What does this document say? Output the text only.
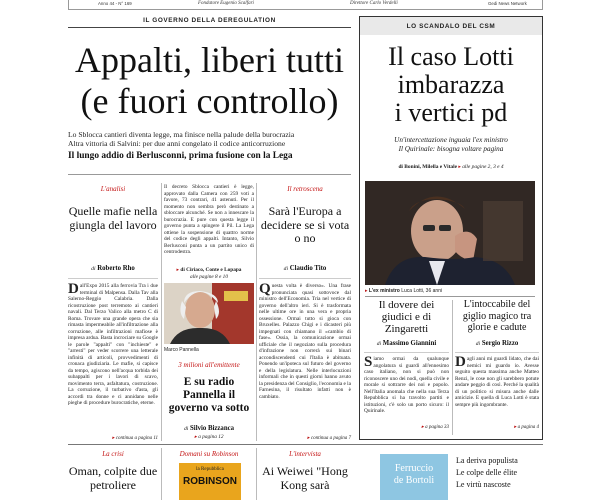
Anno 44 - N° 169	Fondatore Eugenio Scalfari	Direttore Carlo Verdelli	Gedi News Network
IL GOVERNO DELLA DEREGULATION
Appalti, liberi tutti
(e fuori controllo)
Lo Sblocca cantieri diventa legge, ma finisce nella palude della burocrazia
Altra vittoria di Salvini: per due anni congelato il codice anticorruzione
Il lungo addio di Berlusconni, prima fusione con la Lega
LO SCANDALO DEL CSM
Il caso Lotti
imbarazza
i vertici pd
Un'intercettazione inguaia l'ex ministro
Il Quirinale: bisogna voltare pagina
di Bonini, Milella e Vitale ▸ alle pagine 2, 3 e 4
▸ L'ex ministro Luca Lotti, 36 anni
Il dovere dei giudici e di Zingaretti
di Massimo Giannini
Siamo ormai da qualunque angolatura si guardi all'ennesimo caso italiano, non si può non riconoscere uno dei nodi, quella civile e morale si sottrarre dei noi e popolo. Nell'Italia anomala che nella sua Terza Repubblica si ha travolto partiti e istituzioni, c'è solo un porto sicuro: il Quirinale.
▸ a pagina 33
L'intoccabile del giglio magico tra glorie e cadute
di Sergio Rizzo
Dagli anni mi guardi lidato, che dai nemici mi guardo io. Avesse seguito questa massima anche Matteo Renzi, le cose non gli sarebbero potute andare peggio di così. Perché la qualità di un politico si misura anche dalle amicizie. E quella di Luca Lotti è stata sempre più ingombrante.
▸ a pagina 4
L'analisi
Quelle mafie nella giungla del lavoro
di Roberto Rho
Dall'Expo 2015 alla ferrovia Tra i due terminal di Malpensa. Dalla Tav alla Salerno-Reggio Calabria. Dalla ricostruzione post terremoto ai cantieri navali. Dal Terzo Valico alla metro C di Roma. Trovare una grande opera che sia rimasta impermeabile all'infiltrazione alla corruzione, alle infiltrazioni mafiose è impresa ardua. Basta incrociare su Google le parole "appalti" con "inchieste" e "arresti" per veder scorrere una letterale infinità di articoli, provvedimenti di cronaca giudiziaria. Le mafie, si capisce da tempo, agiscono nell'acqua torbida dei subappalti per i lavori di scavo, movimento terra, asfaltatura, costruzione. La corruzione, il turbativo d'asta, gli accordi tra donne e ci annidano nelle pieghe di procedure burocratiche, eterne.
▸ continua a pagina 11
Il decreto Sblocca cantieri è legge, approvato dalla Camera con 259 voti a favore, 73 contrari, 41 astenuti. Per il momento non sembra però destinato a sbloccare alcunché. Se non a innescare la burocrazia. E pure con questa legge il governo punta a spingere il Pil. La Lega ottiene la sospensione di quattro norme del codice degli appalti. Intanto, Silvio Berlusconi punta a un partito unico di centrodestra.
▸ di Ciriaco, Conte e Lopapa
alle pagine 8 e 10
Marco Pannella
3 milioni all'emittente
E su radio Pannella il governo va sotto
di Silvio Bizzanca
▸ a pagina 12
Il retroscena
Sarà l'Europa a decidere se si vota o no
di Claudio Tito
Questa volta è diverso». Una frase pronunciata quasi sottovoce dal ministro dell'Economia. Tria nel vertice di governo dell'altro ieri. Si è trasformata nelle ultime ore in una vera e propria ossessione. Ormai tutto si gioca con Bruxelles. Palazzo Chigi e i dicasteri più impegnati con chiamano il «cambio di fase». Ossia, la comunicazione ormai ufficiale che il negoziato sulla procedura d'infrazione non correrà sui binari accondiscendenti cui l'Italia è abituata. Ponendo un'ipoteca sul futuro del governo e della legislatura. Nelle interlocuzioni informali che in questi giorni hanno avuto la presidenza del Consiglio, l'economia e la Farnesina, il risultato infatti non è cambiato.
▸ continua a pagina 7
La crisi
Oman, colpite due petroliere
Domani su Robinson
la Repubblica
ROBINSON
L'intervista
Ai Weiwei "Hong Kong sarà
Ferruccio
de Bortoli
La deriva populista
Le colpe delle élite
Le virtù nascoste
